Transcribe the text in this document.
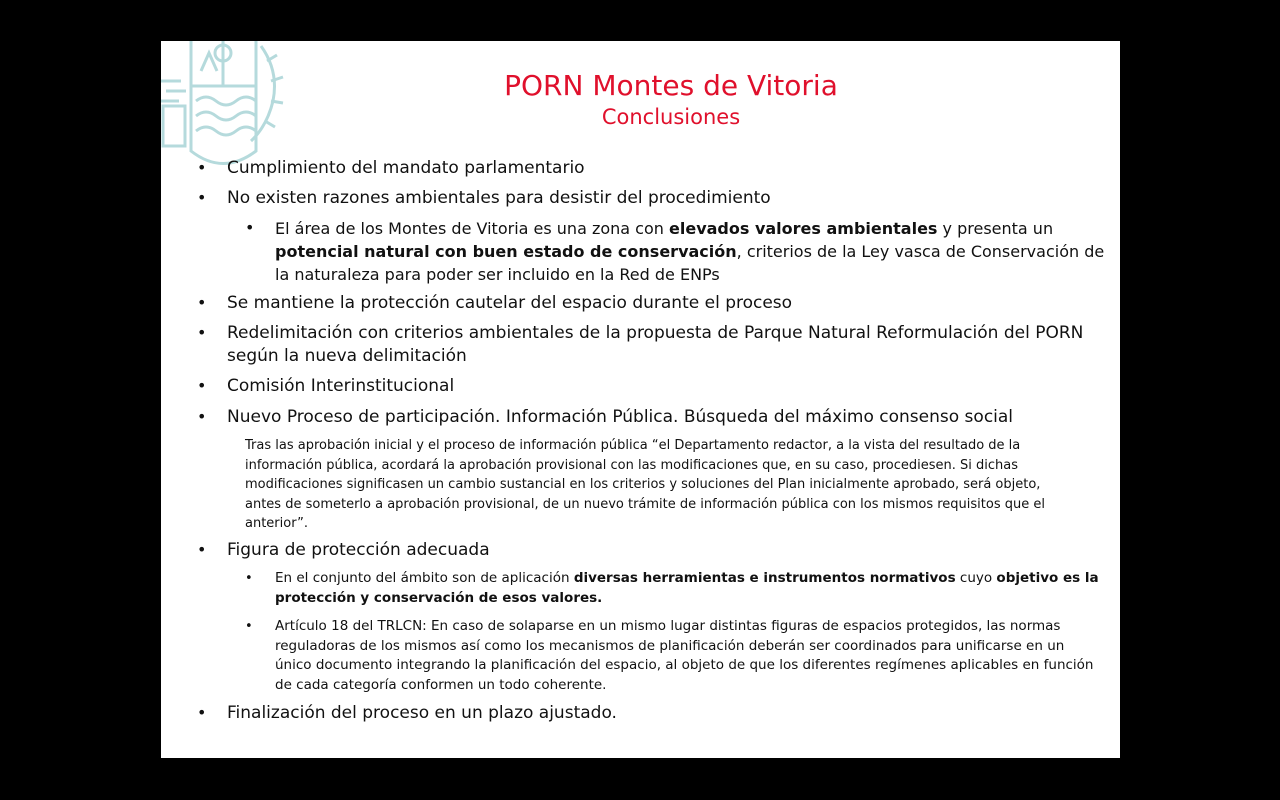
PORN Montes de Vitoria
Conclusiones
• Cumplimiento del mandato parlamentario
• No existen razones ambientales para desistir del procedimiento
• El área de los Montes de Vitoria es una zona con elevados valores ambientales y presenta un potencial natural con buen estado de conservación, criterios de la Ley vasca de Conservación de la naturaleza para poder ser incluido en la Red de ENPs
• Se mantiene la protección cautelar del espacio durante el proceso
• Redelimitación con criterios ambientales de la propuesta de Parque Natural Reformulación del PORN según la nueva delimitación
• Comisión Interinstitucional
• Nuevo Proceso de participación. Información Pública. Búsqueda del máximo consenso social
Tras las aprobación inicial y el proceso de información pública “el Departamento redactor, a la vista del resultado de la información pública, acordará la aprobación provisional con las modificaciones que, en su caso, procediesen. Si dichas modificaciones significasen un cambio sustancial en los criterios y soluciones del Plan inicialmente aprobado, será objeto, antes de someterlo a aprobación provisional, de un nuevo trámite de información pública con los mismos requisitos que el anterior”.
• Figura de protección adecuada
• En el conjunto del ámbito son de aplicación diversas herramientas e instrumentos normativos cuyo objetivo es la protección y conservación de esos valores.
• Artículo 18 del TRLCN: En caso de solaparse en un mismo lugar distintas figuras de espacios protegidos, las normas reguladoras de los mismos así como los mecanismos de planificación deberán ser coordinados para unificarse en un único documento integrando la planificación del espacio, al objeto de que los diferentes regímenes aplicables en función de cada categoría conformen un todo coherente.
• Finalización del proceso en un plazo ajustado.
